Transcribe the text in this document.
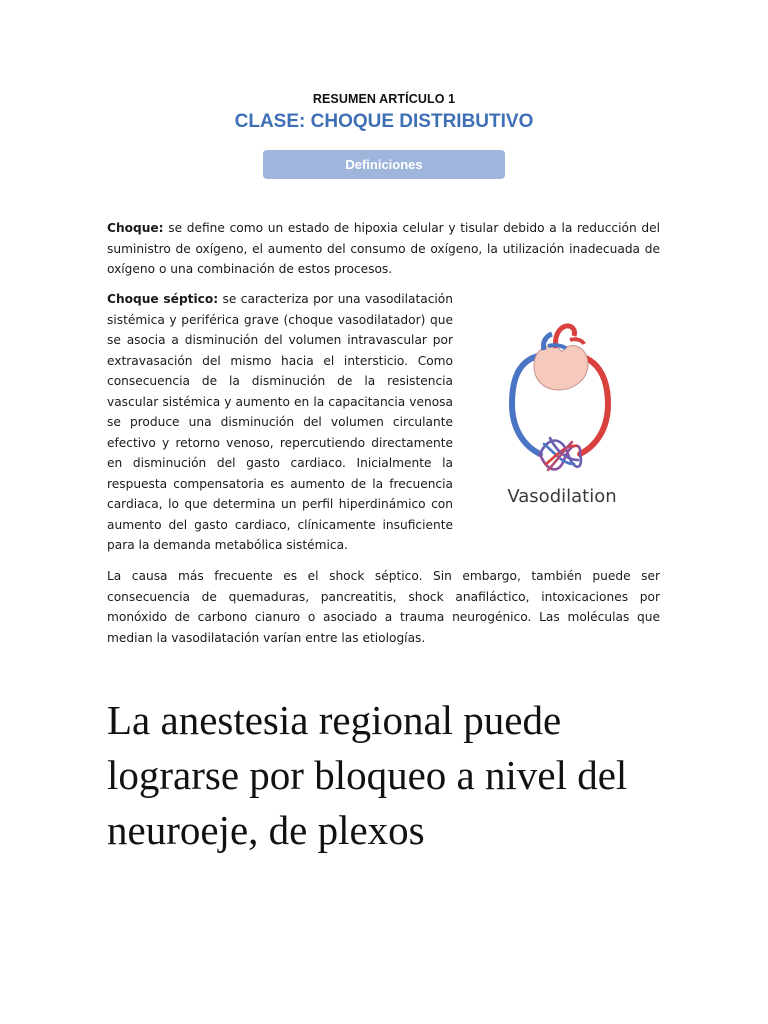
RESUMEN ARTÍCULO 1
CLASE: CHOQUE DISTRIBUTIVO
Definiciones

Choque: se define como un estado de hipoxia celular y tisular debido a la reducción del suministro de oxígeno, el aumento del consumo de oxígeno, la utilización inadecuada de oxígeno o una combinación de estos procesos.

Choque séptico: se caracteriza por una vasodilatación sistémica y periférica grave (choque vasodilatador) que se asocia a disminución del volumen intravascular por extravasación del mismo hacia el intersticio. Como consecuencia de la disminución de la resistencia vascular sistémica y aumento en la capacitancia venosa se produce una disminución del volumen circulante efectivo y retorno venoso, repercutiendo directamente en disminución del gasto cardiaco. Inicialmente la respuesta compensatoria es aumento de la frecuencia cardiaca, lo que determina un perfil hiperdinámico con aumento del gasto cardiaco, clínicamente insuficiente para la demanda metabólica sistémica.

Vasodilation

La causa más frecuente es el shock séptico. Sin embargo, también puede ser consecuencia de quemaduras, pancreatitis, shock anafiláctico, intoxicaciones por monóxido de carbono cianuro o asociado a trauma neurogénico. Las moléculas que median la vasodilatación varían entre las etiologías.

La anestesia regional puede lograrse por bloqueo a nivel del neuroeje, de plexos
